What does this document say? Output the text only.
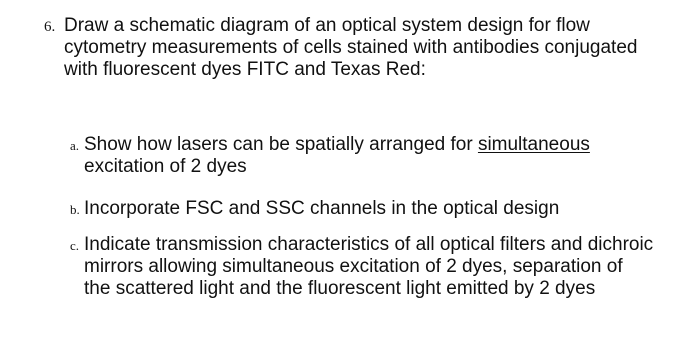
6. Draw a schematic diagram of an optical system design for flow cytometry measurements of cells stained with antibodies conjugated with fluorescent dyes FITC and Texas Red:
a. Show how lasers can be spatially arranged for simultaneous excitation of 2 dyes
b. Incorporate FSC and SSC channels in the optical design
c. Indicate transmission characteristics of all optical filters and dichroic mirrors allowing simultaneous excitation of 2 dyes, separation of the scattered light and the fluorescent light emitted by 2 dyes
